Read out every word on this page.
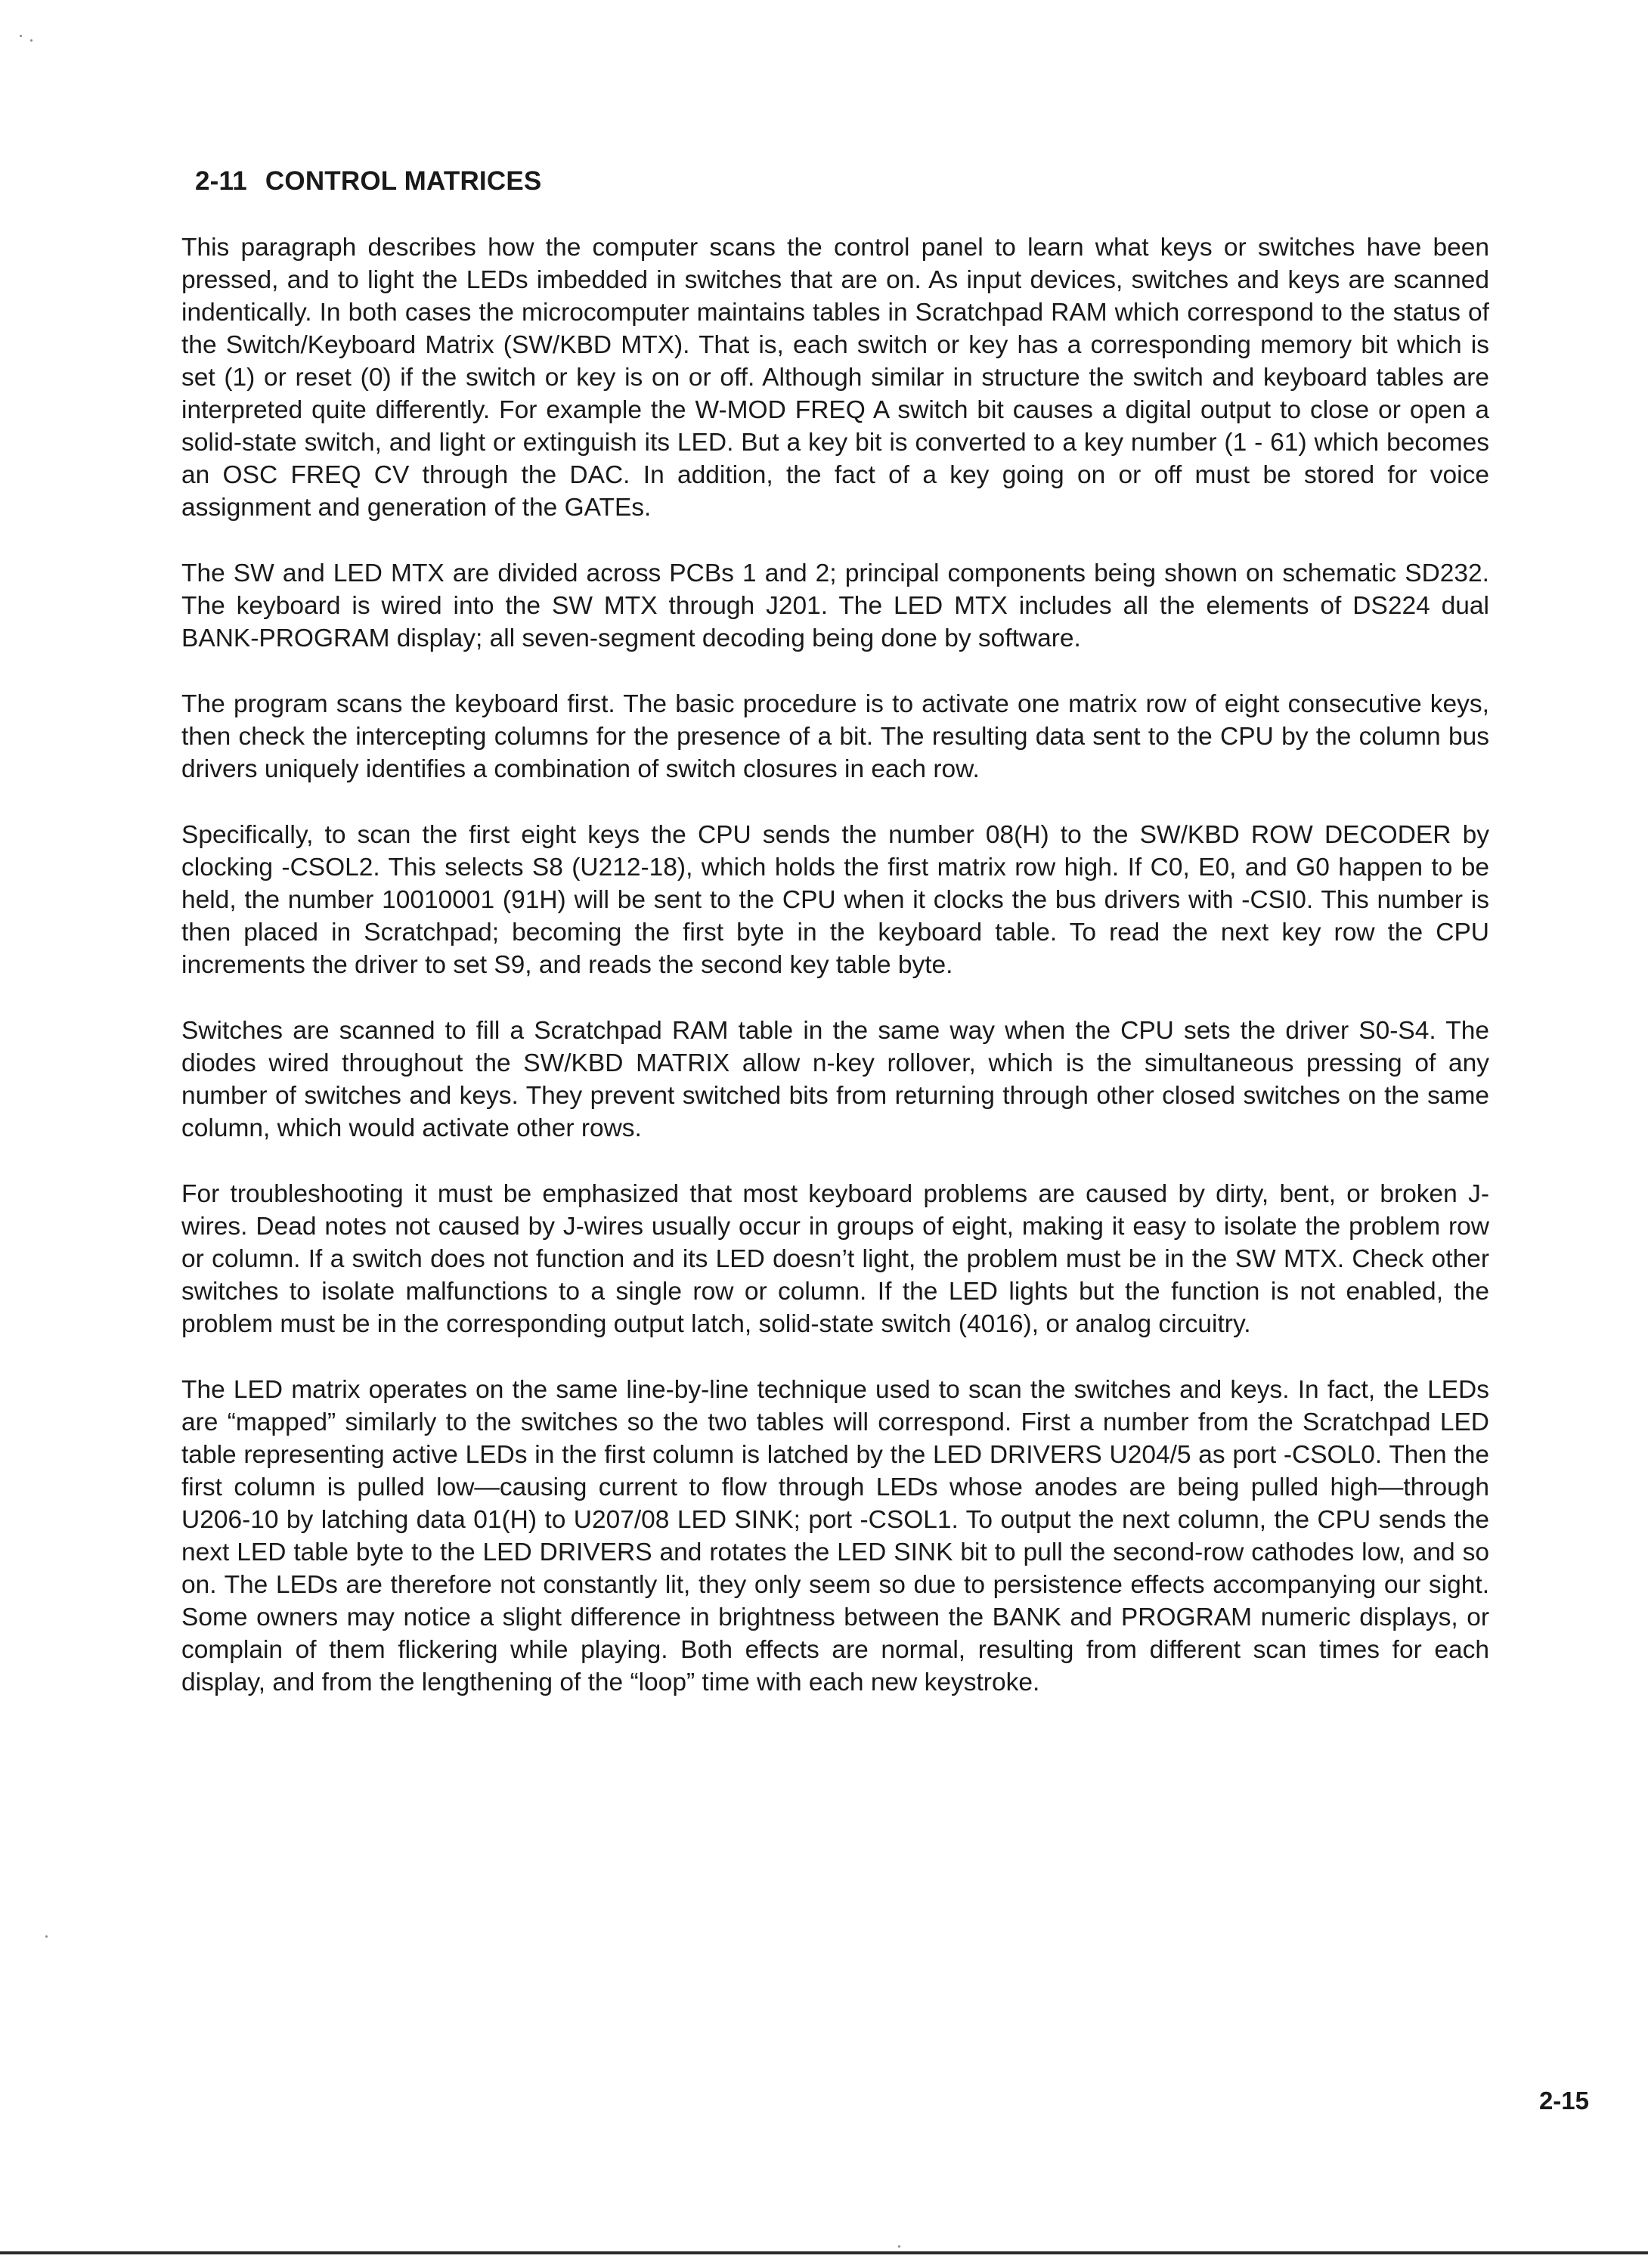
2-11 CONTROL MATRICES

This paragraph describes how the computer scans the control panel to learn what keys or switches have been pressed, and to light the LEDs imbedded in switches that are on. As input devices, switches and keys are scanned indentically. In both cases the microcomputer maintains tables in Scratchpad RAM which correspond to the status of the Switch/Keyboard Matrix (SW/KBD MTX). That is, each switch or key has a corresponding memory bit which is set (1) or reset (0) if the switch or key is on or off. Although similar in structure the switch and keyboard tables are interpreted quite differently. For example the W-MOD FREQ A switch bit causes a digital output to close or open a solid-state switch, and light or extinguish its LED. But a key bit is converted to a key number (1 - 61) which becomes an OSC FREQ CV through the DAC. In addition, the fact of a key going on or off must be stored for voice assignment and generation of the GATEs.

The SW and LED MTX are divided across PCBs 1 and 2; principal components being shown on schematic SD232. The keyboard is wired into the SW MTX through J201. The LED MTX includes all the elements of DS224 dual BANK-PROGRAM display; all seven-segment decoding being done by software.

The program scans the keyboard first. The basic procedure is to activate one matrix row of eight consecutive keys, then check the intercepting columns for the presence of a bit. The resulting data sent to the CPU by the column bus drivers uniquely identifies a combination of switch closures in each row.

Specifically, to scan the first eight keys the CPU sends the number 08(H) to the SW/KBD ROW DECODER by clocking -CSOL2. This selects S8 (U212-18), which holds the first matrix row high. If C0, E0, and G0 happen to be held, the number 10010001 (91H) will be sent to the CPU when it clocks the bus drivers with -CSI0. This number is then placed in Scratchpad; becoming the first byte in the keyboard table. To read the next key row the CPU increments the driver to set S9, and reads the second key table byte.

Switches are scanned to fill a Scratchpad RAM table in the same way when the CPU sets the driver S0-S4. The diodes wired throughout the SW/KBD MATRIX allow n-key rollover, which is the simultaneous pressing of any number of switches and keys. They prevent switched bits from returning through other closed switches on the same column, which would activate other rows.

For troubleshooting it must be emphasized that most keyboard problems are caused by dirty, bent, or broken J-wires. Dead notes not caused by J-wires usually occur in groups of eight, making it easy to isolate the problem row or column. If a switch does not function and its LED doesn’t light, the problem must be in the SW MTX. Check other switches to isolate malfunctions to a single row or column. If the LED lights but the function is not enabled, the problem must be in the corresponding output latch, solid-state switch (4016), or analog circuitry.

The LED matrix operates on the same line-by-line technique used to scan the switches and keys. In fact, the LEDs are “mapped” similarly to the switches so the two tables will correspond. First a number from the Scratchpad LED table representing active LEDs in the first column is latched by the LED DRIVERS U204/5 as port -CSOL0. Then the first column is pulled low—causing current to flow through LEDs whose anodes are being pulled high—through U206-10 by latching data 01(H) to U207/08 LED SINK; port -CSOL1. To output the next column, the CPU sends the next LED table byte to the LED DRIVERS and rotates the LED SINK bit to pull the second-row cathodes low, and so on. The LEDs are therefore not constantly lit, they only seem so due to persistence effects accompanying our sight. Some owners may notice a slight difference in brightness between the BANK and PROGRAM numeric displays, or complain of them flickering while playing. Both effects are normal, resulting from different scan times for each display, and from the lengthening of the “loop” time with each new keystroke.

2-15
